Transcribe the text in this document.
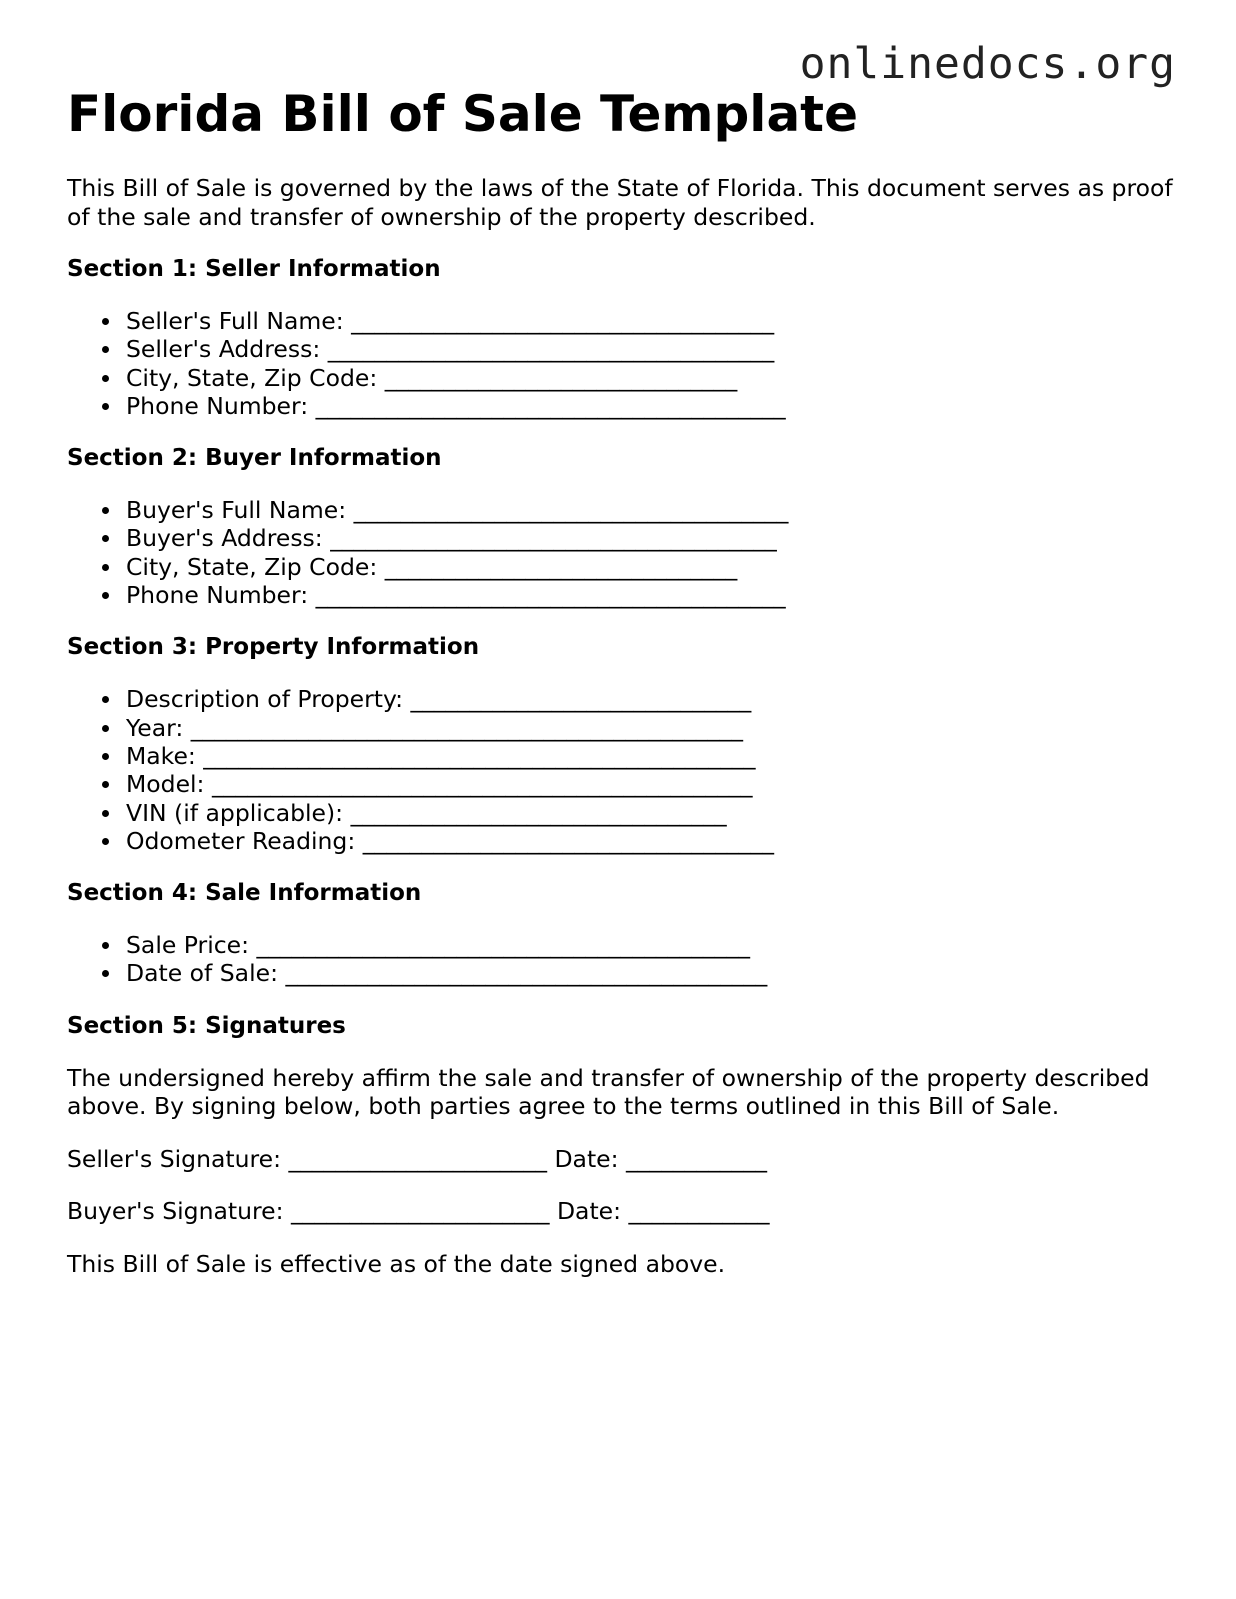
onlinedocs.org
Florida Bill of Sale Template

This Bill of Sale is governed by the laws of the State of Florida. This document serves as proof of the sale and transfer of ownership of the property described.

Section 1: Seller Information
Seller's Full Name: ____________________________________
Seller's Address: ______________________________________
City, State, Zip Code: ______________________________
Phone Number: ________________________________________
Section 2: Buyer Information
Buyer's Full Name: _____________________________________
Buyer's Address: ______________________________________
City, State, Zip Code: ______________________________
Phone Number: ________________________________________
Section 3: Property Information
Description of Property: _____________________________
Year: _______________________________________________
Make: _______________________________________________
Model: ______________________________________________
VIN (if applicable): ________________________________
Odometer Reading: ___________________________________
Section 4: Sale Information
Sale Price: __________________________________________
Date of Sale: _________________________________________
Section 5: Signatures

The undersigned hereby affirm the sale and transfer of ownership of the property described above. By signing below, both parties agree to the terms outlined in this Bill of Sale.

Seller's Signature: ______________________ Date: ____________

Buyer's Signature: ______________________ Date: ____________

This Bill of Sale is effective as of the date signed above.
